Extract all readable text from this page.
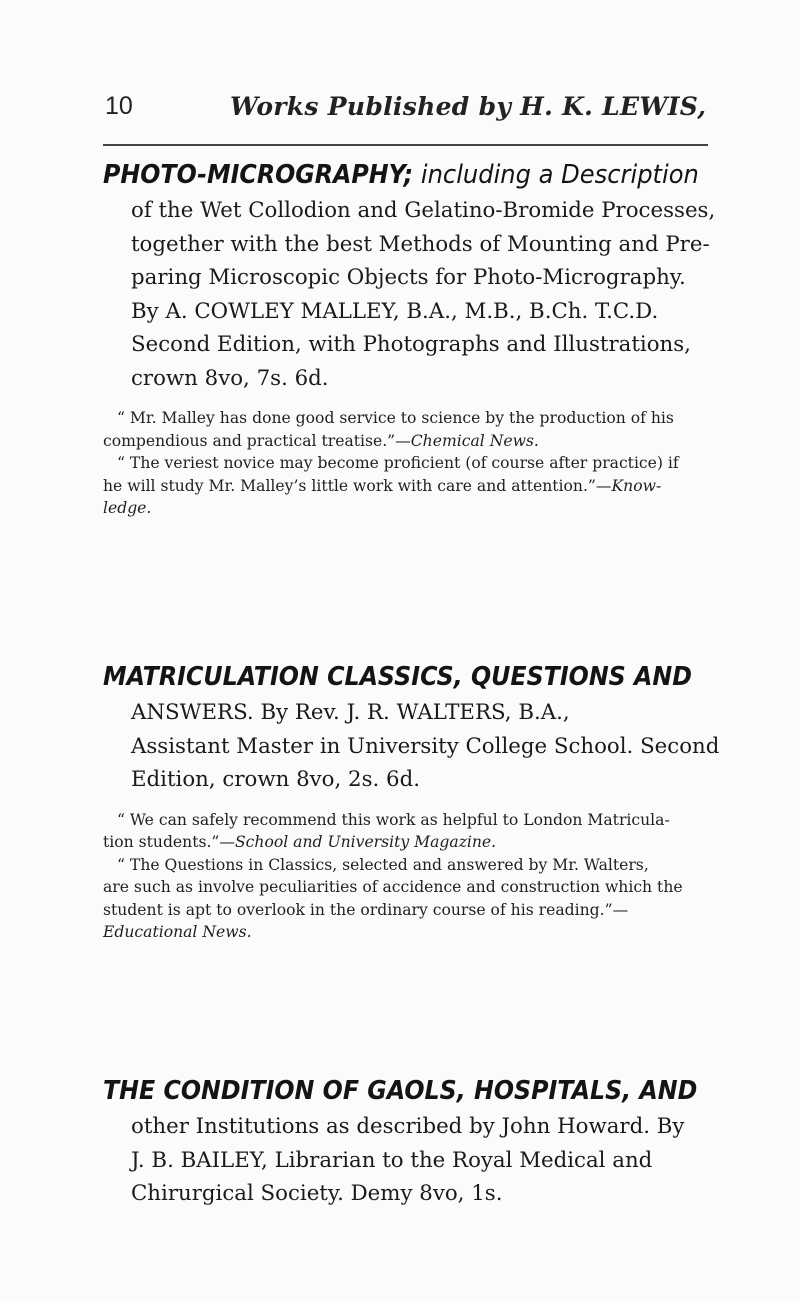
10	Works Published by H. K. LEWIS,
PHOTO-MICROGRAPHY; including a Description

of the Wet Collodion and Gelatino-Bromide Processes,

together with the best Methods of Mounting and Pre-

paring Microscopic Objects for Photo-Micrography.

By A. COWLEY MALLEY, B.A., M.B., B.Ch. T.C.D.

Second Edition, with Photographs and Illustrations,

crown 8vo, 7s. 6d.

“ Mr. Malley has done good service to science by the production of his

compendious and practical treatise.”—Chemical News.

“ The veriest novice may become proficient (of course after practice) if

he will study Mr. Malley’s little work with care and attention.”—Know-

ledge.

MATRICULATION CLASSICS, QUESTIONS AND

ANSWERS. By Rev. J. R. WALTERS, B.A.,

Assistant Master in University College School. Second

Edition, crown 8vo, 2s. 6d.

“ We can safely recommend this work as helpful to London Matricula-

tion students.”—School and University Magazine.

“ The Questions in Classics, selected and answered by Mr. Walters,

are such as involve peculiarities of accidence and construction which the

student is apt to overlook in the ordinary course of his reading.”—

Educational News.

THE CONDITION OF GAOLS, HOSPITALS, AND

other Institutions as described by John Howard. By

J. B. BAILEY, Librarian to the Royal Medical and

Chirurgical Society. Demy 8vo, 1s.
